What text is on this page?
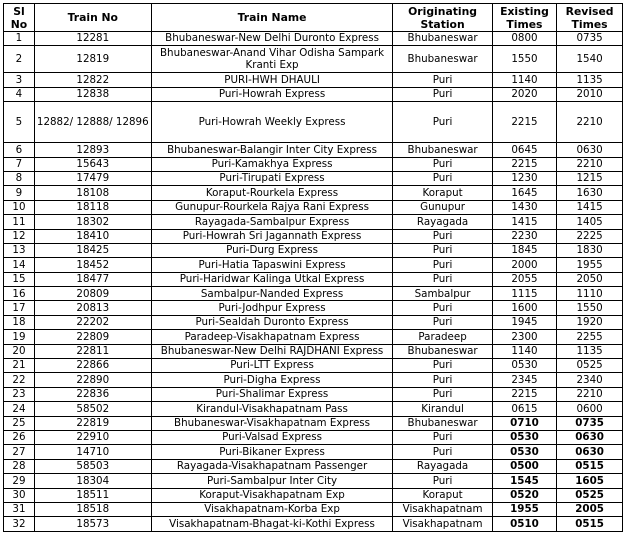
Sl No	Train No	Train Name	Originating Station	Existing Times	Revised Times
1	12281	Bhubaneswar-New Delhi Duronto Express	Bhubaneswar	0800	0735
2	12819	Bhubaneswar-Anand Vihar Odisha Sampark Kranti Exp	Bhubaneswar	1550	1540
3	12822	PURI-HWH DHAULI	Puri	1140	1135
4	12838	Puri-Howrah Express	Puri	2020	2010
5	12882/ 12888/ 12896	Puri-Howrah Weekly Express	Puri	2215	2210
6	12893	Bhubaneswar-Balangir Inter City Express	Bhubaneswar	0645	0630
7	15643	Puri-Kamakhya Express	Puri	2215	2210
8	17479	Puri-Tirupati Express	Puri	1230	1215
9	18108	Koraput-Rourkela Express	Koraput	1645	1630
10	18118	Gunupur-Rourkela Rajya Rani Express	Gunupur	1430	1415
11	18302	Rayagada-Sambalpur Express	Rayagada	1415	1405
12	18410	Puri-Howrah Sri Jagannath Express	Puri	2230	2225
13	18425	Puri-Durg Express	Puri	1845	1830
14	18452	Puri-Hatia Tapaswini Express	Puri	2000	1955
15	18477	Puri-Haridwar Kalinga Utkal Express	Puri	2055	2050
16	20809	Sambalpur-Nanded Express	Sambalpur	1115	1110
17	20813	Puri-Jodhpur Express	Puri	1600	1550
18	22202	Puri-Sealdah Duronto Express	Puri	1945	1920
19	22809	Paradeep-Visakhapatnam Express	Paradeep	2300	2255
20	22811	Bhubaneswar-New Delhi RAJDHANI Express	Bhubaneswar	1140	1135
21	22866	Puri-LTT Express	Puri	0530	0525
22	22890	Puri-Digha Express	Puri	2345	2340
23	22836	Puri-Shalimar Express	Puri	2215	2210
24	58502	Kirandul-Visakhapatnam Pass	Kirandul	0615	0600
25	22819	Bhubaneswar-Visakhapatnam Express	Bhubaneswar	0710	0735
26	22910	Puri-Valsad Express	Puri	0530	0630
27	14710	Puri-Bikaner Express	Puri	0530	0630
28	58503	Rayagada-Visakhapatnam Passenger	Rayagada	0500	0515
29	18304	Puri-Sambalpur Inter City	Puri	1545	1605
30	18511	Koraput-Visakhapatnam Exp	Koraput	0520	0525
31	18518	Visakhapatnam-Korba Exp	Visakhapatnam	1955	2005
32	18573	Visakhapatnam-Bhagat-ki-Kothi Express	Visakhapatnam	0510	0515
